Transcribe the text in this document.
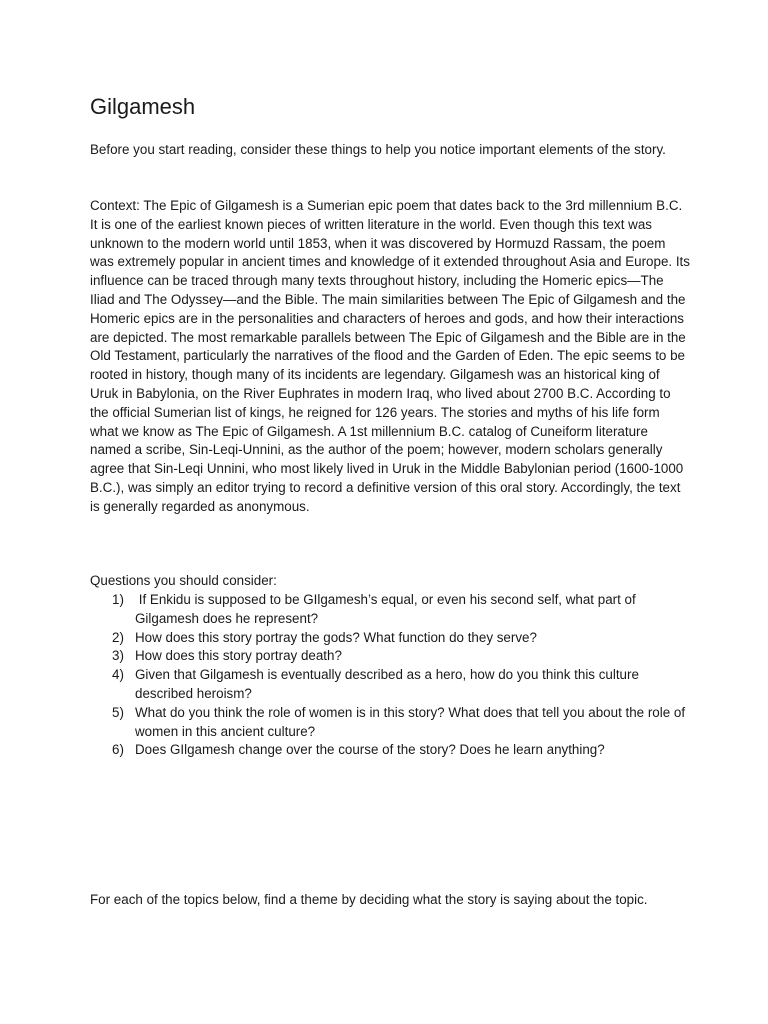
Gilgamesh

Before you start reading, consider these things to help you notice important elements of the story.

Context: The Epic of Gilgamesh is a Sumerian epic poem that dates back to the 3rd millennium B.C. It is one of the earliest known pieces of written literature in the world. Even though this text was unknown to the modern world until 1853, when it was discovered by Hormuzd Rassam, the poem was extremely popular in ancient times and knowledge of it extended throughout Asia and Europe. Its influence can be traced through many texts throughout history, including the Homeric epics—The Iliad and The Odyssey—and the Bible. The main similarities between The Epic of Gilgamesh and the Homeric epics are in the personalities and characters of heroes and gods, and how their interactions are depicted. The most remarkable parallels between The Epic of Gilgamesh and the Bible are in the Old Testament, particularly the narratives of the flood and the Garden of Eden. The epic seems to be rooted in history, though many of its incidents are legendary. Gilgamesh was an historical king of Uruk in Babylonia, on the River Euphrates in modern Iraq, who lived about 2700 B.C. According to the official Sumerian list of kings, he reigned for 126 years. The stories and myths of his life form what we know as The Epic of Gilgamesh. A 1st millennium B.C. catalog of Cuneiform literature named a scribe, Sin-Leqi-Unnini, as the author of the poem; however, modern scholars generally agree that Sin-Leqi Unnini, who most likely lived in Uruk in the Middle Babylonian period (1600-1000 B.C.), was simply an editor trying to record a definitive version of this oral story. Accordingly, the text is generally regarded as anonymous.

Questions you should consider:

1) If Enkidu is supposed to be GIlgamesh’s equal, or even his second self, what part of Gilgamesh does he represent?
2) How does this story portray the gods? What function do they serve?
3) How does this story portray death?
4) Given that Gilgamesh is eventually described as a hero, how do you think this culture described heroism?
5) What do you think the role of women is in this story? What does that tell you about the role of women in this ancient culture?
6) Does GIlgamesh change over the course of the story? Does he learn anything?

For each of the topics below, find a theme by deciding what the story is saying about the topic.
